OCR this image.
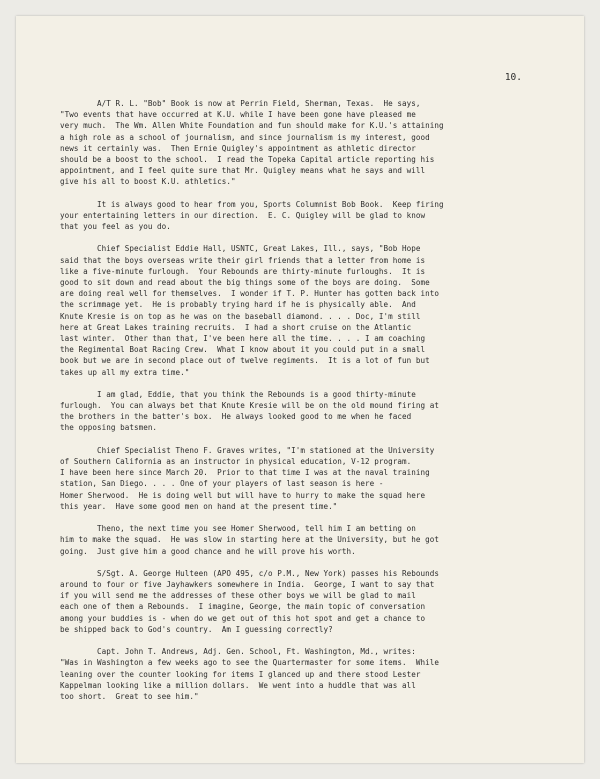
10.
A/T R. L. "Bob" Book is now at Perrin Field, Sherman, Texas.  He says,
"Two events that have occurred at K.U. while I have been gone have pleased me
very much.  The Wm. Allen White Foundation and fun should make for K.U.'s attaining
a high role as a school of journalism, and since journalism is my interest, good
news it certainly was.  Then Ernie Quigley's appointment as athletic director
should be a boost to the school.  I read the Topeka Capital article reporting his
appointment, and I feel quite sure that Mr. Quigley means what he says and will
give his all to boost K.U. athletics."
It is always good to hear from you, Sports Columnist Bob Book.  Keep firing
your entertaining letters in our direction.  E. C. Quigley will be glad to know
that you feel as you do.
Chief Specialist Eddie Hall, USNTC, Great Lakes, Ill., says, "Bob Hope
said that the boys overseas write their girl friends that a letter from home is
like a five-minute furlough.  Your Rebounds are thirty-minute furloughs.  It is
good to sit down and read about the big things some of the boys are doing.  Some
are doing real well for themselves.  I wonder if T. P. Hunter has gotten back into
the scrimmage yet.  He is probably trying hard if he is physically able.  And
Knute Kresie is on top as he was on the baseball diamond. . . . Doc, I'm still
here at Great Lakes training recruits.  I had a short cruise on the Atlantic
last winter.  Other than that, I've been here all the time. . . . I am coaching
the Regimental Boat Racing Crew.  What I know about it you could put in a small
book but we are in second place out of twelve regiments.  It is a lot of fun but
takes up all my extra time."
I am glad, Eddie, that you think the Rebounds is a good thirty-minute
furlough.  You can always bet that Knute Kresie will be on the old mound firing at
the brothers in the batter's box.  He always looked good to me when he faced
the opposing batsmen.
Chief Specialist Theno F. Graves writes, "I'm stationed at the University
of Southern California as an instructor in physical education, V-12 program.
I have been here since March 20.  Prior to that time I was at the naval training
station, San Diego. . . . One of your players of last season is here -
Homer Sherwood.  He is doing well but will have to hurry to make the squad here
this year.  Have some good men on hand at the present time."
Theno, the next time you see Homer Sherwood, tell him I am betting on
him to make the squad.  He was slow in starting here at the University, but he got
going.  Just give him a good chance and he will prove his worth.
S/Sgt. A. George Hulteen (APO 495, c/o P.M., New York) passes his Rebounds
around to four or five Jayhawkers somewhere in India.  George, I want to say that
if you will send me the addresses of these other boys we will be glad to mail
each one of them a Rebounds.  I imagine, George, the main topic of conversation
among your buddies is - when do we get out of this hot spot and get a chance to
be shipped back to God's country.  Am I guessing correctly?
Capt. John T. Andrews, Adj. Gen. School, Ft. Washington, Md., writes:
"Was in Washington a few weeks ago to see the Quartermaster for some items.  While
leaning over the counter looking for items I glanced up and there stood Lester
Kappelman looking like a million dollars.  We went into a huddle that was all
too short.  Great to see him."
